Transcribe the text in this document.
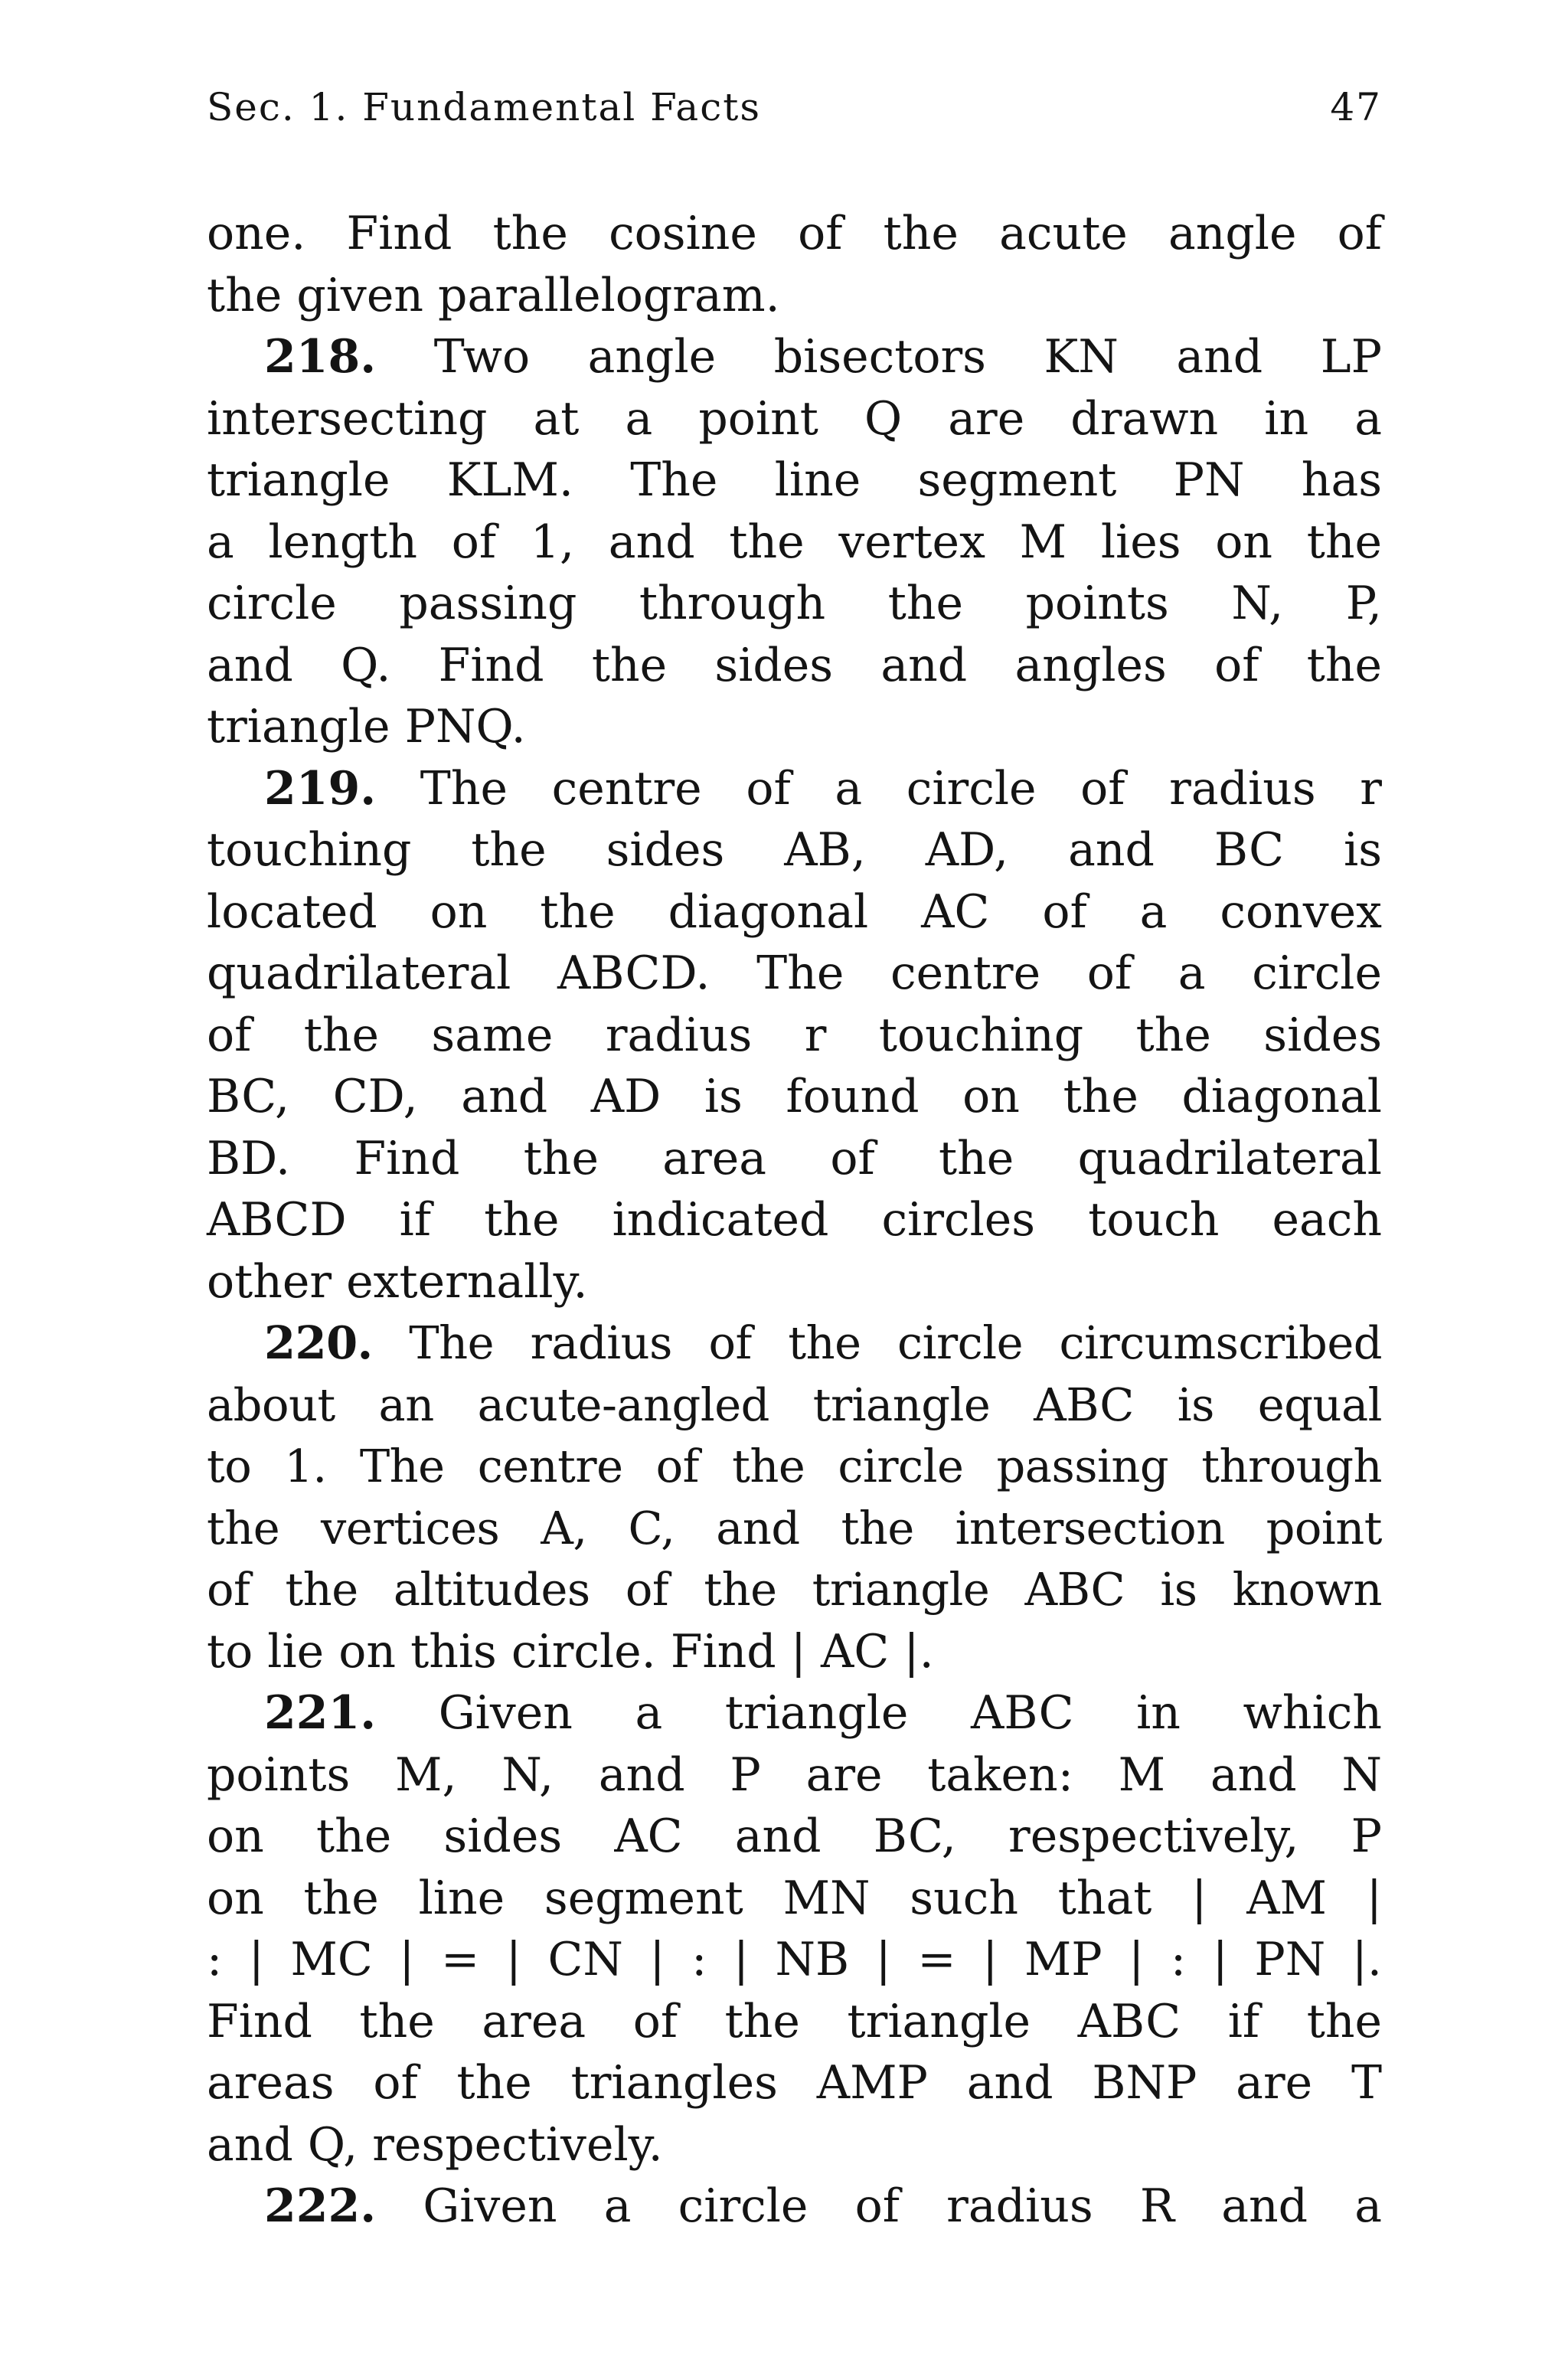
Sec. 1. Fundamental Facts	47
one. Find the cosine of the acute angle of
the given parallelogram.
218. Two angle bisectors KN and LP
intersecting at a point Q are drawn in a
triangle KLM. The line segment PN has
a length of 1, and the vertex M lies on the
circle passing through the points N, P,
and Q. Find the sides and angles of the
triangle PNQ.
219. The centre of a circle of radius r
touching the sides AB, AD, and BC is
located on the diagonal AC of a convex
quadrilateral ABCD. The centre of a circle
of the same radius r touching the sides
BC, CD, and AD is found on the diagonal
BD. Find the area of the quadrilateral
ABCD if the indicated circles touch each
other externally.
220. The radius of the circle circumscribed
about an acute-angled triangle ABC is equal
to 1. The centre of the circle passing through
the vertices A, C, and the intersection point
of the altitudes of the triangle ABC is known
to lie on this circle. Find | AC |.
221. Given a triangle ABC in which
points M, N, and P are taken: M and N
on the sides AC and BC, respectively, P
on the line segment MN such that | AM |
: | MC | = | CN | : | NB | = | MP | : | PN |.
Find the area of the triangle ABC if the
areas of the triangles AMP and BNP are T
and Q, respectively.
222. Given a circle of radius R and a
